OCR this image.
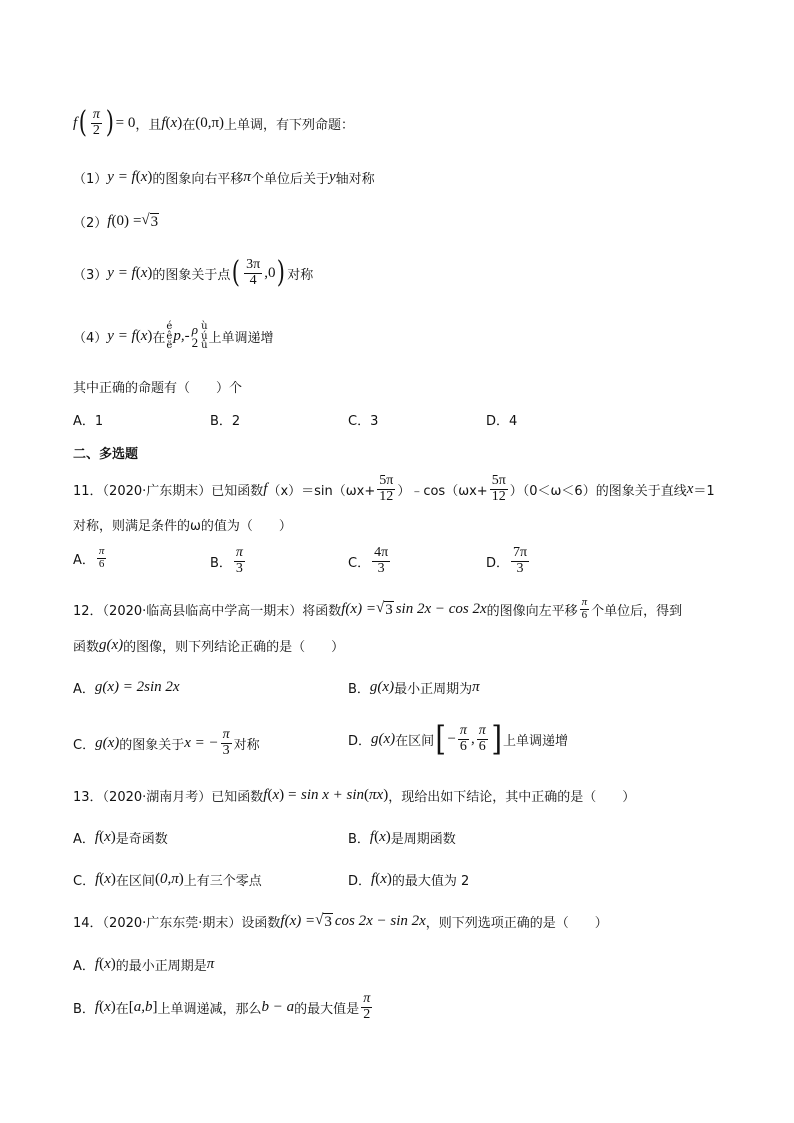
f ( $\frac{\pi}{2}$ ) = 0 ，且 f ( x ) 在 ( 0,π ) 上单调，有下列命题：
（1） y = f ( x ) 的图象向右平移 π 个单位后关于 y 轴对称
（2） f ( 0 ) = √ 3
（3） y = f ( x ) 的图象关于点 ( $\frac{3\pi}{4} ,0$ ) 对称
（4） y = f ( x ) 在
é
ê
ë
p,- ρ
2
ù
ú
û 上单调递增
其中正确的命题有（　　）个
A．1	B．2	C．3	D．4
二、多选题
11．（2020·广东期末）已知函数 f $(x) =\sin(\omega x+ \frac{5\pi}{12}$ ）﹣cos（ωx+ $\frac{5\pi}{12} )(0<\omega<6)$的图象关于直线 x ＝1
对称，则满足条件的ω的值为（　　）
A． $\frac{\pi}{6}$	B． $\frac{\pi}{3}$	C． $\frac{4\pi}{3}$	D． $\frac{7\pi}{3}$
12．（2020·临高县临高中学高一期末）将函数 f(x) = √ 3 sin 2x − cos 2x 的图像向左平移 $\frac{\pi}{6}$ 个单位后，得到
函数 g(x) 的图像，则下列结论正确的是（　　）
A． g(x) = 2sin 2x	B． g(x) 最小正周期为 π
C． g(x) 的图象关于 x = − $\frac{\pi}{3}$ 对称	D． g(x) 在区间 [ − $\frac{\pi}{6}$ , $\frac{\pi}{6}$ ] 上单调递增
13．（2020·湖南月考）已知函数 f ( x ) = sin x + sin ( πx ) ，现给出如下结论，其中正确的是（　　）
A． f ( x ) 是奇函数	B． f ( x ) 是周期函数
C． f ( x ) 在区间 ( 0,π ) 上有三个零点	D． f ( x ) 的最大值为 2
14．（2020·广东东莞·期末）设函数 f(x) = √ 3 cos 2x − sin 2x ，则下列选项正确的是（　　）
A． f ( x ) 的最小正周期是 π
B． f ( x ) 在 [ a,b ] 上单调递减，那么 b − a 的最大值是 $\frac{\pi}{2}$
